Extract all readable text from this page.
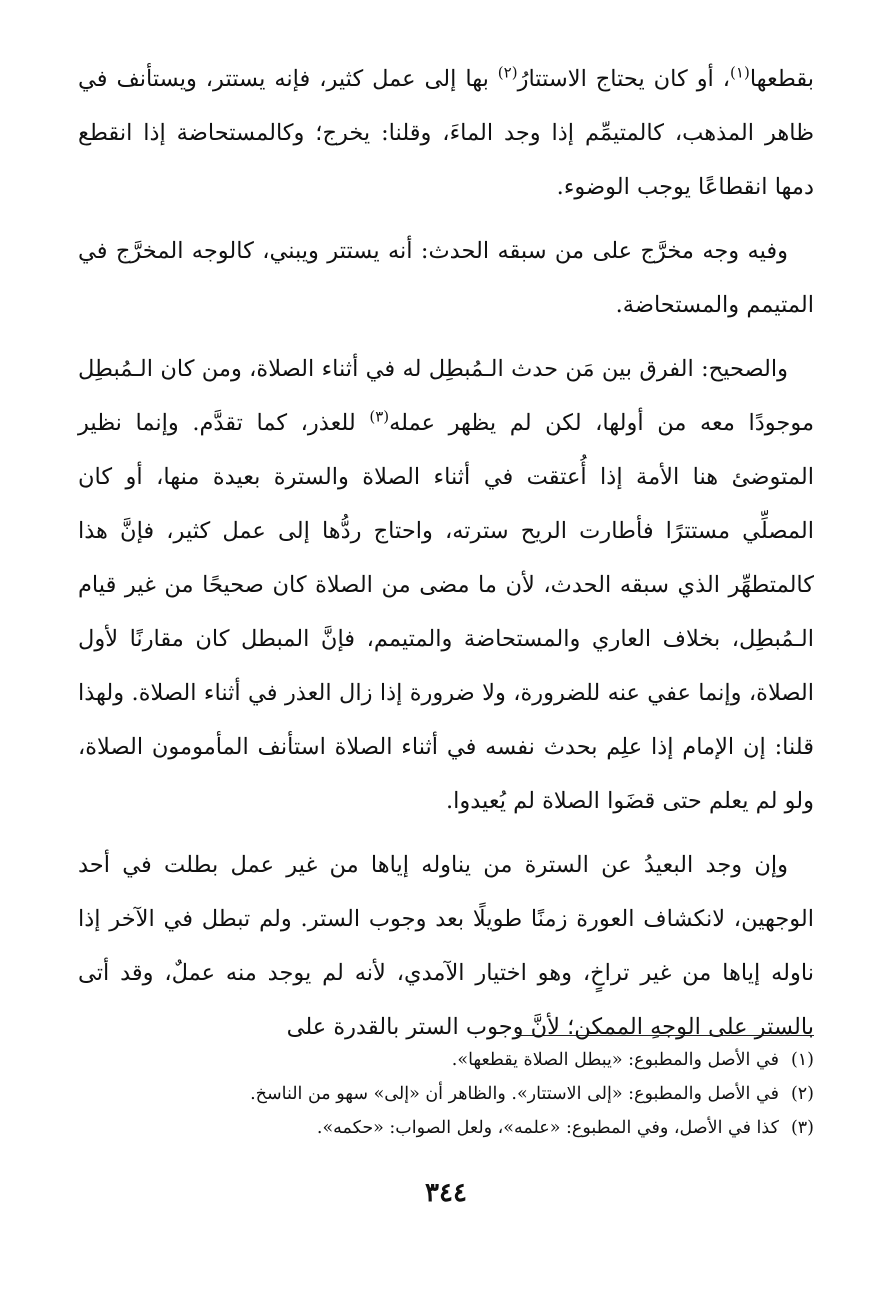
بقطعها$^{(١)}$، أو كان يحتاج الاستتارُ$^{(٢)}$ بها إلى عمل كثير، فإنه يستتر، ويستأنف في ظاهر المذهب، كالمتيمِّم إذا وجد الماءَ، وقلنا: يخرج؛ وكالمستحاضة إذا انقطع دمها انقطاعًا يوجب الوضوء.

وفيه وجه مخرَّج على من سبقه الحدث: أنه يستتر ويبني، كالوجه المخرَّج في المتيمم والمستحاضة.

والصحيح: الفرق بين مَن حدث الـمُبطِل له في أثناء الصلاة، ومن كان الـمُبطِل موجودًا معه من أولها، لكن لم يظهر عمله$^{(٣)}$ للعذر، كما تقدَّم. وإنما نظير المتوضئ هنا الأمة إذا أُعتقت في أثناء الصلاة والسترة بعيدة منها، أو كان المصلِّي مستترًا فأطارت الريح سترته، واحتاج ردُّها إلى عمل كثير، فإنَّ هذا كالمتطهِّر الذي سبقه الحدث، لأن ما مضى من الصلاة كان صحيحًا من غير قيام الـمُبطِل، بخلاف العاري والمستحاضة والمتيمم، فإنَّ المبطل كان مقارنًا لأول الصلاة، وإنما عفي عنه للضرورة، ولا ضرورة إذا زال العذر في أثناء الصلاة. ولهذا قلنا: إن الإمام إذا علِم بحدث نفسه في أثناء الصلاة استأنف المأمومون الصلاة، ولو لم يعلم حتى قضَوا الصلاة لم يُعيدوا.

وإن وجد البعيدُ عن السترة من يناوله إياها من غير عمل بطلت في أحد الوجهين، لانكشاف العورة زمنًا طويلًا بعد وجوب الستر. ولم تبطل في الآخر إذا ناوله إياها من غير تراخٍ، وهو اختيار الآمدي، لأنه لم يوجد منه عملٌ، وقد أتى بالستر على الوجهِ الممكن؛ لأنَّ وجوب الستر بالقدرة على

(١)في الأصل والمطبوع: «يبطل الصلاة يقطعها».

(٢)في الأصل والمطبوع: «إلى الاستتار». والظاهر أن «إلى» سهو من الناسخ.

(٣)كذا في الأصل، وفي المطبوع: «علمه»، ولعل الصواب: «حكمه».

٣٤٤
